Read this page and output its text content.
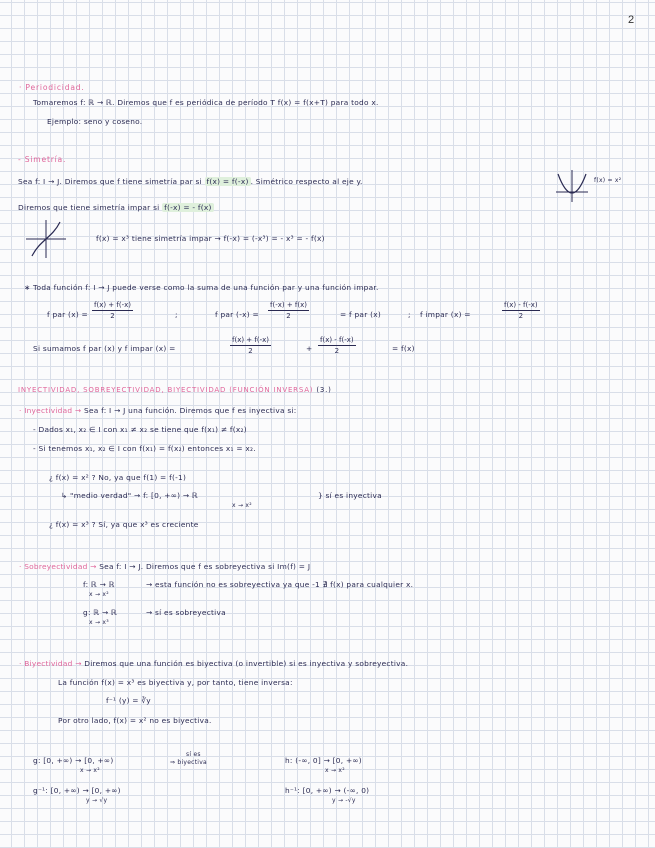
2
· Periodicidad.
Tomaremos f: ℝ → ℝ. Diremos que f es periódica de período T f(x) = f(x+T) para todo x.
Ejemplo: seno y coseno.
- Simetría.
Sea f: I → J. Diremos que f tiene simetría par si f(x) = f(-x) . Simétrico respecto al eje y.	f(x) = x²
Diremos que tiene simetría impar si f(-x) = - f(x)
f(x) = x³ tiene simetría impar → f(-x) = (-x³) = - x³ = - f(x)
∗ Toda función f: I → J puede verse como la suma de una función par y una función impar.
f par $(x) = \frac{f(x) + f(-x)}{2}$	;	f par $(-x) = \frac{f(-x) + f(x)}{2}$	= f par (x)	; f impar (x) =	$\frac{f(x) - f(-x)}{2}$
Si sumamos f par (x) y f impar (x) =	$\frac{f(x) + f(-x)}{2}$	+ $\frac{f(x) - f(-x)}{2}$	= f(x)
INYECTIVIDAD, SOBREYECTIVIDAD, BIYECTIVIDAD (FUNCIÓN INVERSA) (3.)
· Inyectividad → Sea f: I → J una función. Diremos que f es inyectiva si:
- Dados x₁, x₂ ∈ I con x₁ ≠ x₂ se tiene que f(x₁) ≠ f(x₂)
- Si tenemos x₁, x₂ ∈ I con f(x₁) = f(x₂) entonces x₁ = x₂.
¿ f(x) = x² ? No, ya que f(1) = f(-1)
↳ "medio verdad" → f: [0, +∞) → ℝ
x → x²
} sí es inyectiva
¿ f(x) = x³ ? Sí, ya que x³ es creciente
· Sobreyectividad → Sea f: I → J. Diremos que f es sobreyectiva si Im(f) = J
f: ℝ → ℝ
x → x²
→ esta función no es sobreyectiva ya que -1 ∄ f(x) para cualquier x.
g: ℝ → ℝ
x → x³
→ sí es sobreyectiva
· Biyectividad → Diremos que una función es biyectiva (o invertible) si es inyectiva y sobreyectiva.
La función f(x) = x³ es biyectiva y, por tanto, tiene inversa:
f⁻¹ (y) = ∛y
Por otro lado, f(x) = x² no es biyectiva.
g: [0, +∞) → [0, +∞)
x → x²
sí es
⇒ biyectiva	h: (-∞, 0] → [0, +∞)
x → x²
g⁻¹: [0, +∞) → [0, +∞)
y → √y
h⁻¹: [0, +∞) → (-∞, 0)
y → -√y
